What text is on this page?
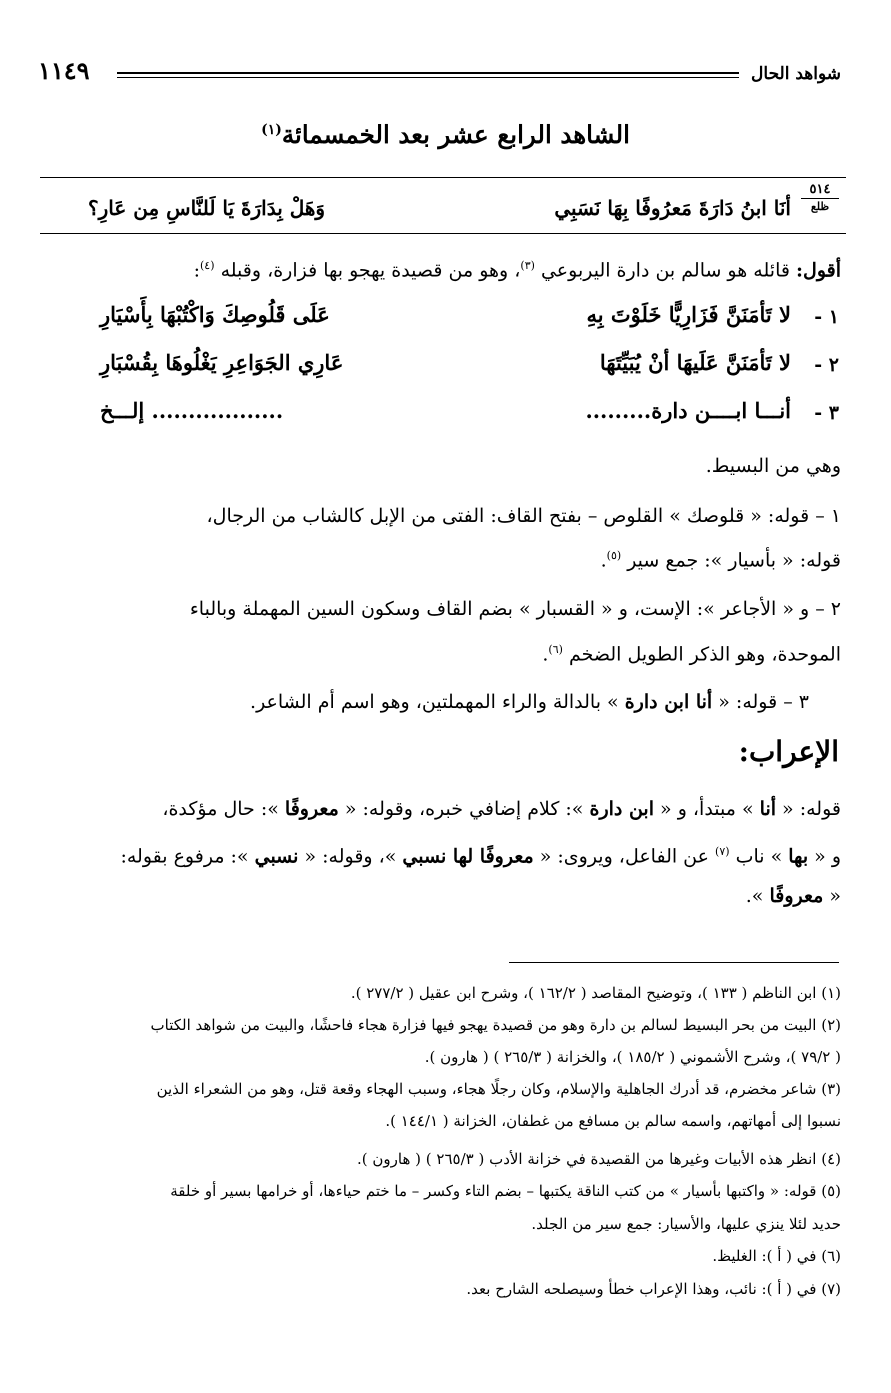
شواهد الحال
١١٤٩
الشاهد الرابع عشر بعد الخمسمائة$^{(١)}$
٥١٤
ظلع
أنَا ابنُ دَارَةَ مَعرُوفًا بِهَا نَسَبِي
وَهَلْ بِدَارَةَ يَا لَلنَّاسِ مِن عَارِ؟
أقول: قائله هو سالم بن دارة اليربوعي $^{(٣)}$، وهو من قصيدة يهجو بها فزارة، وقبله $^{(٤)}$:
١ -
لا تَأمَنَنَّ فَزَارِيًّا خَلَوْتَ بِهِ
عَلَى قَلُوصِكَ وَاكْتُبْهَا بِأَسْيَارِ
٢ -
لا تَأمَنَنَّ عَلَيهَا أنْ يُبَيِّتَهَا
عَارِي الجَوَاعِرِ يَغْلُوهَا بِقُسْبَارِ
٣ -
أنـــا ابــــن دارة.........
.................. إلـــخ
وهي من البسيط.
١ – قوله: « قلوصك » القلوص – بفتح القاف: الفتى من الإبل كالشاب من الرجال،
قوله: « بأسيار »: جمع سير $^{(٥)}$.
٢ – و « الأجاعر »: الإست، و « القسبار » بضم القاف وسكون السين المهملة وبالباء
الموحدة، وهو الذكر الطويل الضخم $^{(٦)}$.
٣ – قوله: « أنا ابن دارة » بالدالة والراء المهملتين، وهو اسم أم الشاعر.
الإعراب:
قوله: « أنا » مبتدأ، و « ابن دارة »: كلام إضافي خبره، وقوله: « معروفًا »: حال مؤكدة،
و « بها » ناب $^{(٧)}$ عن الفاعل، ويروى: « معروفًا لها نسبي »، وقوله: « نسبي »: مرفوع بقوله:
« معروفًا ».
(١) ابن الناظم ( ١٣٣ )، وتوضيح المقاصد ( ١٦٢/٢ )، وشرح ابن عقيل ( ٢٧٧/٢ ).
(٢) البيت من بحر البسيط لسالم بن دارة وهو من قصيدة يهجو فيها فزارة هجاء فاحشًا، والبيت من شواهد الكتاب
( ٧٩/٢ )، وشرح الأشموني ( ١٨٥/٢ )، والخزانة ( ٢٦٥/٣ ) ( هارون ).
(٣) شاعر مخضرم، قد أدرك الجاهلية والإسلام، وكان رجلًا هجاء، وسبب الهجاء وقعة قتل، وهو من الشعراء الذين
نسبوا إلى أمهاتهم، واسمه سالم بن مسافع من غطفان، الخزانة ( ١٤٤/١ ).
(٤) انظر هذه الأبيات وغيرها من القصيدة في خزانة الأدب ( ٢٦٥/٣ ) ( هارون ).
(٥) قوله: « واكتبها بأسيار » من كتب الناقة يكتبها – بضم التاء وكسر – ما ختم حياءها، أو خرامها بسير أو خلقة
حديد لئلا ينزي عليها، والأسيار: جمع سير من الجلد.
(٦) في ( أ ): الغليظ.
(٧) في ( أ ): نائب، وهذا الإعراب خطأ وسيصلحه الشارح بعد.
